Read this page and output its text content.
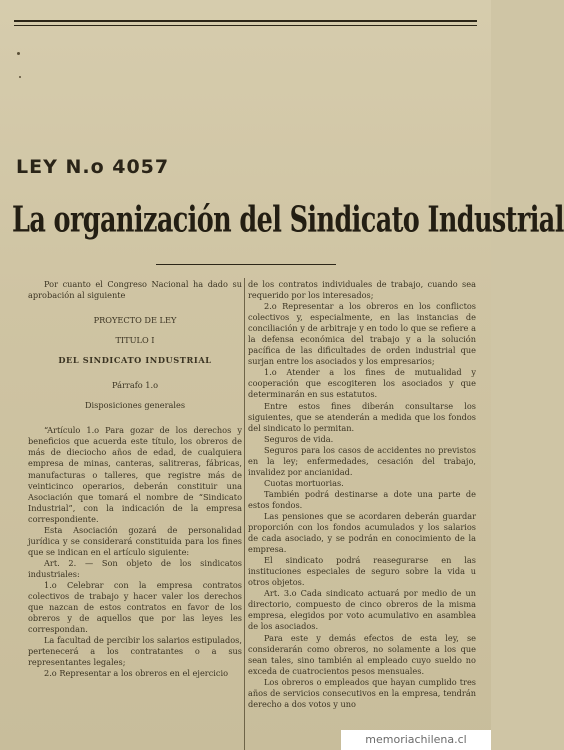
LEY N.o 4057
La organización del Sindicato Industrial

Por cuanto el Congreso Nacional ha dado su aprobación al siguiente

PROYECTO DE LEY

TITULO I

DEL SINDICATO INDUSTRIAL

Párrafo 1.o

Disposiciones generales

“Artículo 1.o Para gozar de los derechos y beneficios que acuerda este título, los obreros de más de dieciocho años de edad, de cualquiera empresa de minas, canteras, salitreras, fábricas, manufacturas o talleres, que registre más de veinticinco operarios, deberán constituir una Asociación que tomará el nombre de “Sindicato Industrial”, con la indicación de la empresa correspondiente.

Esta Asociación gozará de personalidad jurídica y se considerará constituida para los fines que se indican en el artículo siguiente:

Art. 2. — Son objeto de los sindicatos industriales:

1.o Celebrar con la empresa contratos colectivos de trabajo y hacer valer los derechos que nazcan de estos contratos en favor de los obreros y de aquellos que por las leyes les correspondan.

La facultad de percibir los salarios estipulados, pertenecerá a los contratantes o a sus representantes legales;

2.o Representar a los obreros en el ejercicio

de los contratos individuales de trabajo, cuando sea requerido por los interesados;

2.o Representar a los obreros en los conflictos colectivos y, especialmente, en las instancias de conciliación y de arbitraje y en todo lo que se refiere a la defensa económica del trabajo y a la solución pacífica de las dificultades de orden industrial que surjan entre los asociados y los empresarios;

1.o Atender a los fines de mutualidad y cooperación que escogiteren los asociados y que determinarán en sus estatutos.

Entre estos fines diberán consultarse los siguientes, que se atenderán a medida que los fondos del sindicato lo permitan.

Seguros de vida.

Seguros para los casos de accidentes no previstos en la ley; enfermedades, cesación del trabajo, invalidez por ancianidad.

Cuotas mortuorias.

También podrá destinarse a dote una parte de estos fondos.

Las pensiones que se acordaren deberán guardar proporción con los fondos acumulados y los salarios de cada asociado, y se podrán en conocimiento de la empresa.

El sindicato podrá reasegurarse en las instituciones especiales de seguro sobre la vida u otros objetos.

Art. 3.o Cada sindicato actuará por medio de un directorio, compuesto de cinco obreros de la misma empresa, elegidos por voto acumulativo en asamblea de los asociados.

Para este y demás efectos de esta ley, se considerarán como obreros, no solamente a los que sean tales, sino también al empleado cuyo sueldo no exceda de cuatrocientos pesos mensuales.

Los obreros o empleados que hayan cumplido tres años de servicios consecutivos en la empresa, tendrán derecho a dos votos y uno

memoriachilena.cl
